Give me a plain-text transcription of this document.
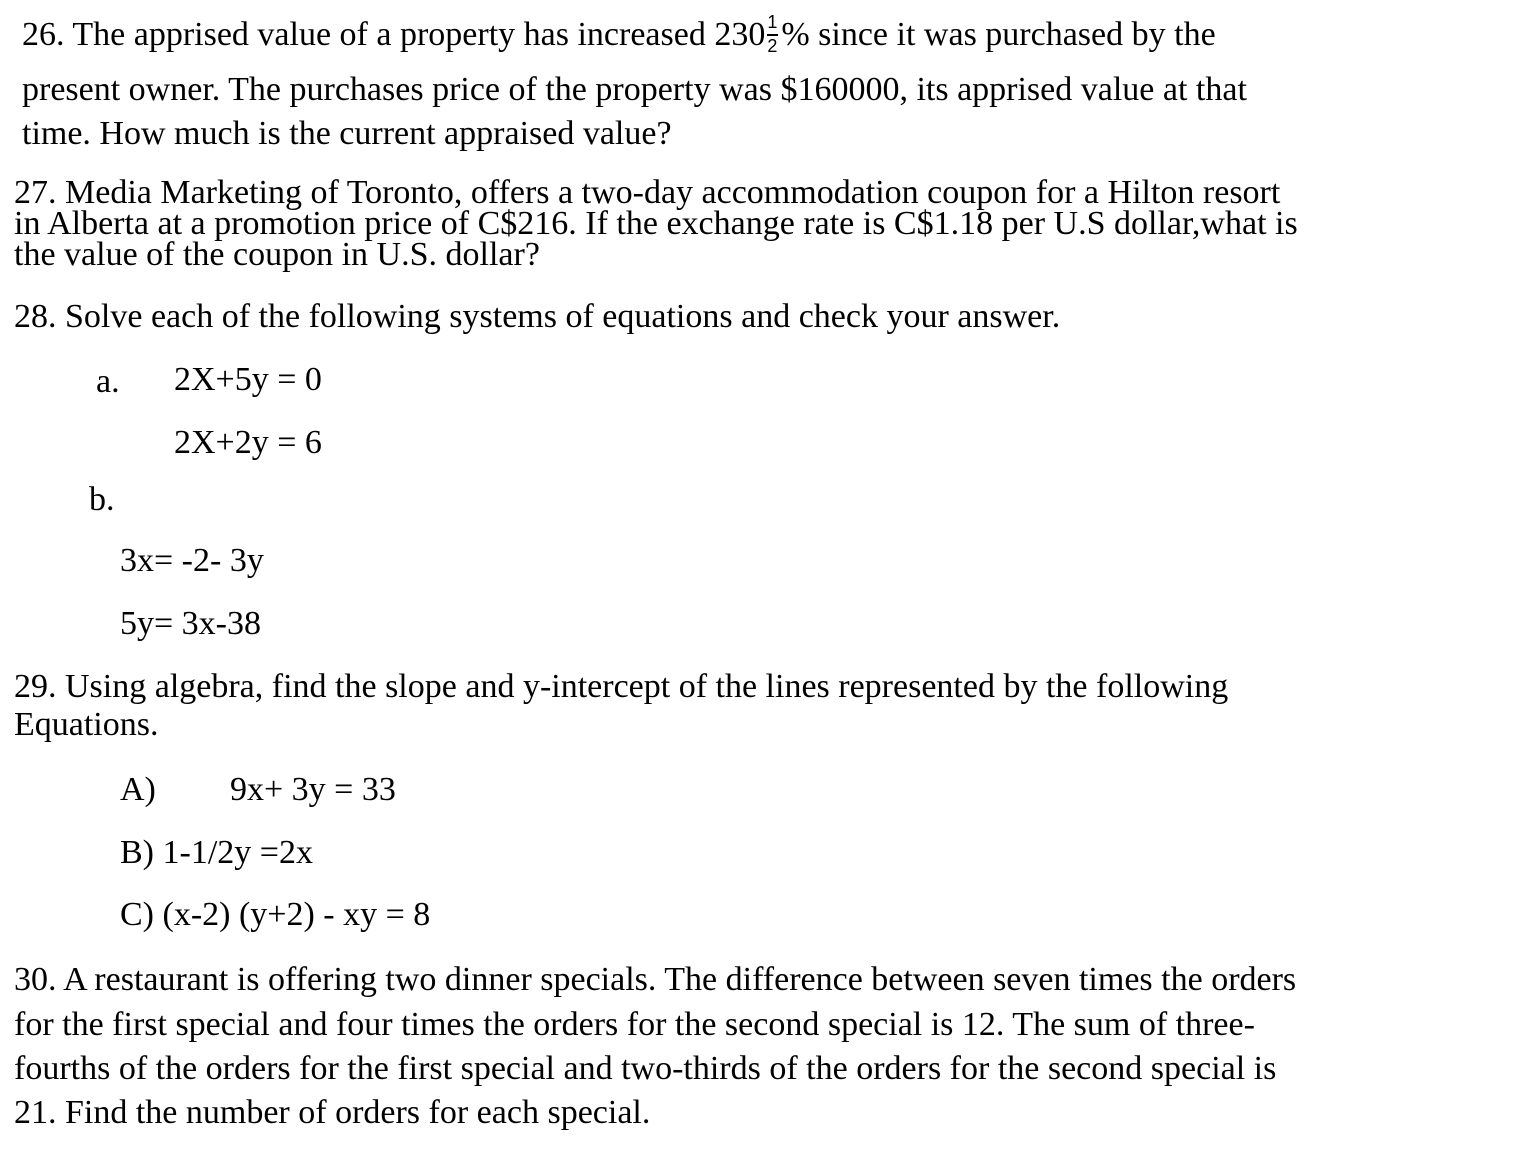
26. The apprised value of a property has increased $230 \frac{1}{2}$ % since it was purchased by the
present owner. The purchases price of the property was $160000, its apprised value at that
time. How much is the current appraised value?
27. Media Marketing of Toronto, offers a two-day accommodation coupon for a Hilton resort
in Alberta at a promotion price of C$216. If the exchange rate is C$1.18 per U.S dollar,what is
the value of the coupon in U.S. dollar?
28. Solve each of the following systems of equations and check your answer.
a. 2X+5y = 0
2X+2y = 6
b.
3x= -2- 3y
5y= 3x-38
29. Using algebra, find the slope and y-intercept of the lines represented by the following
Equations.
A) 9x+ 3y = 33
B) 1-1/2y =2x
C) (x-2) (y+2) - xy = 8
30. A restaurant is offering two dinner specials. The difference between seven times the orders
for the first special and four times the orders for the second special is 12. The sum of three-
fourths of the orders for the first special and two-thirds of the orders for the second special is
21. Find the number of orders for each special.
